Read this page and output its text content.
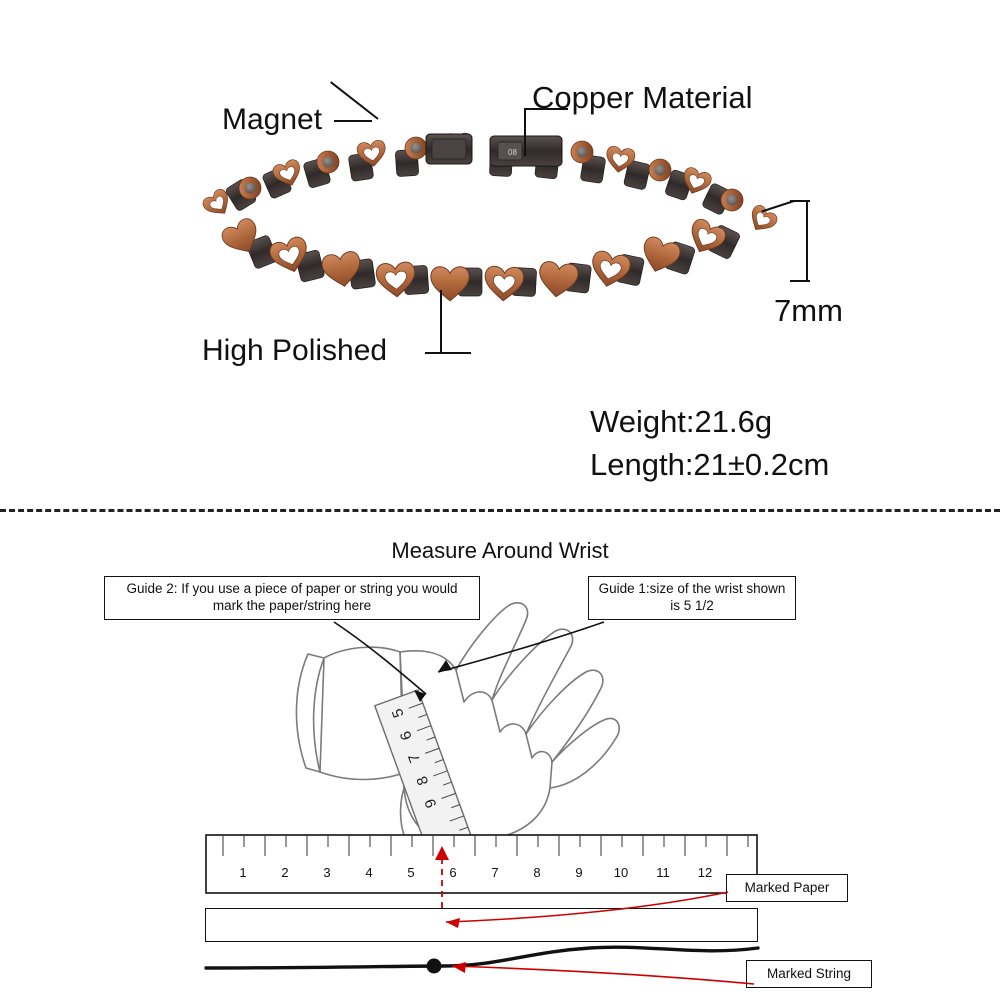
08
Magnet
Copper Material
High Polished
7mm
Weight:21.6g
Length:21±0.2cm
Measure Around Wrist
5
6
7
8
9
Guide 2: If you use a piece of paper or string you would mark the paper/string here
Guide 1:size of the wrist shown is 5 1/2
1	2	3	4	5	6	7	8	9 10 11 12
Marked Paper
Marked String
